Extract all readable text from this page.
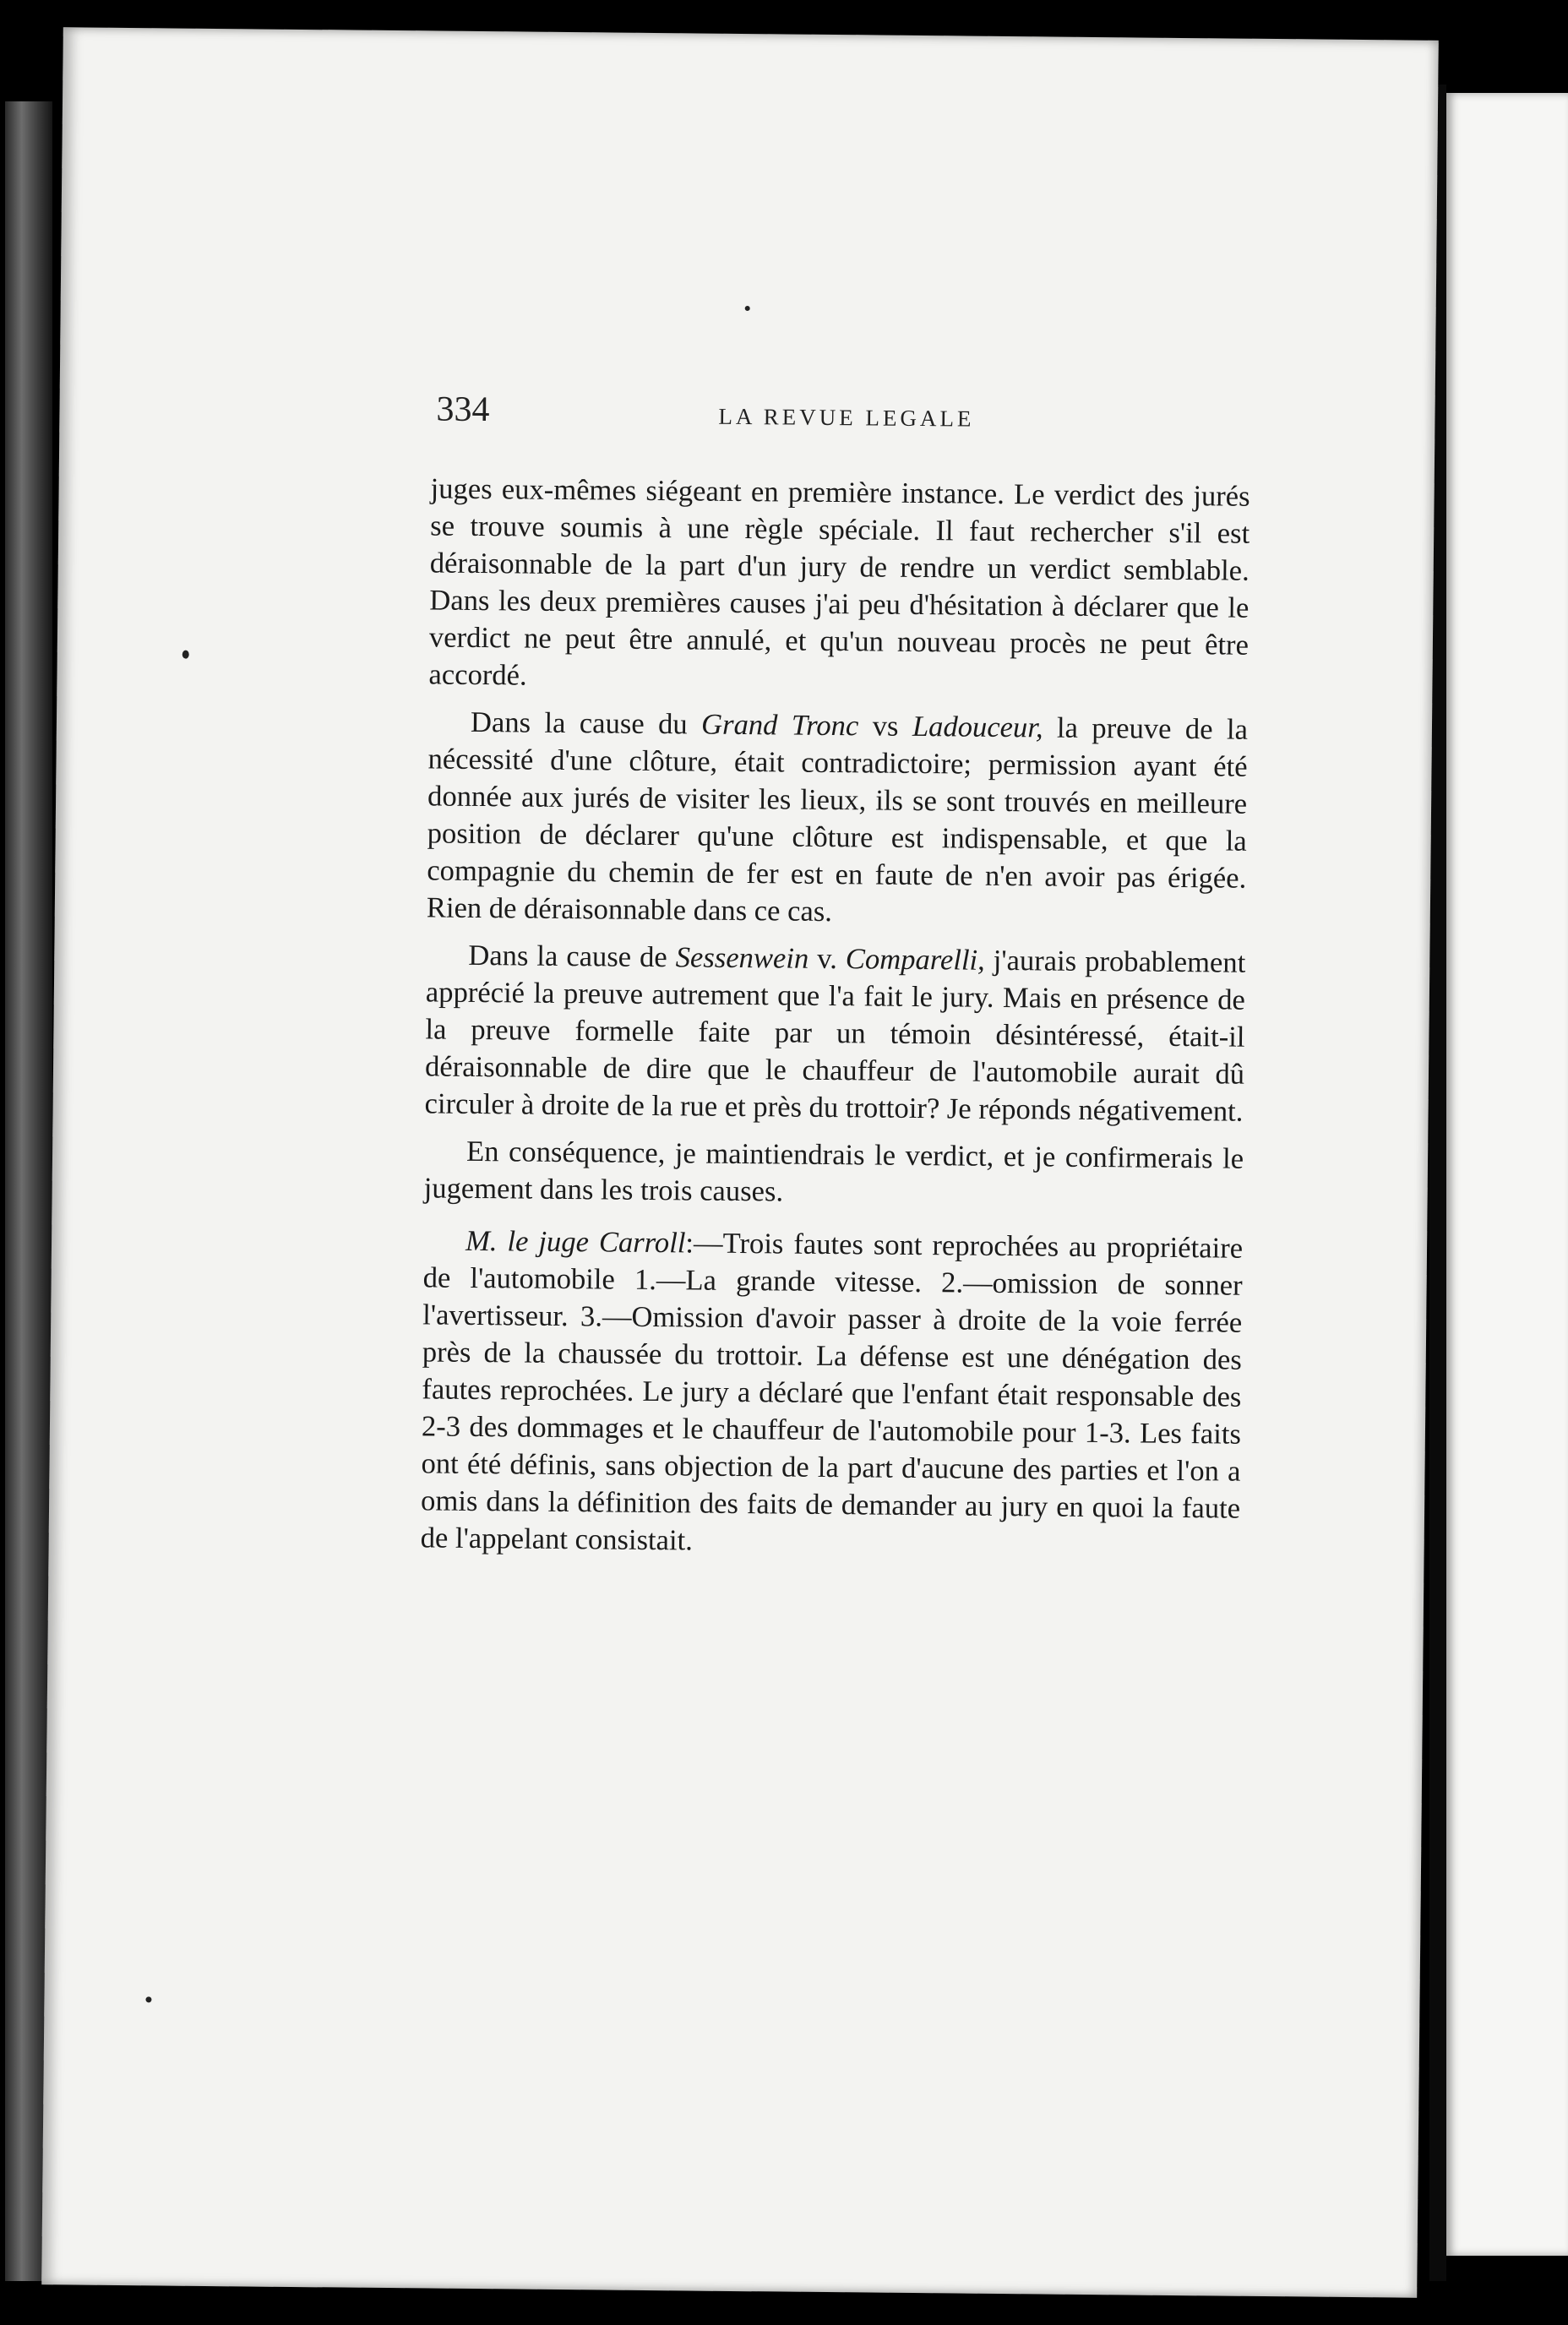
334	LA REVUE LEGALE

juges eux-mêmes siégeant en première instance. Le verdict des jurés se trouve soumis à une règle spéciale. Il faut rechercher s'il est déraisonnable de la part d'un jury de rendre un verdict semblable. Dans les deux premières causes j'ai peu d'hésitation à déclarer que le verdict ne peut être annulé, et qu'un nouveau procès ne peut être accordé.

Dans la cause du Grand Tronc vs Ladouceur, la preuve de la nécessité d'une clôture, était contradictoire; permission ayant été donnée aux jurés de visiter les lieux, ils se sont trouvés en meilleure position de déclarer qu'une clôture est indispensable, et que la compagnie du chemin de fer est en faute de n'en avoir pas érigée. Rien de déraisonnable dans ce cas.

Dans la cause de Sessenwein v. Comparelli, j'aurais probablement apprécié la preuve autrement que l'a fait le jury. Mais en présence de la preuve formelle faite par un témoin désintéressé, était-il déraisonnable de dire que le chauffeur de l'automobile aurait dû circuler à droite de la rue et près du trottoir? Je réponds négativement.

En conséquence, je maintiendrais le verdict, et je confirmerais le jugement dans les trois causes.

M. le juge Carroll:—Trois fautes sont reprochées au propriétaire de l'automobile 1.—La grande vitesse. 2.—omission de sonner l'avertisseur. 3.—Omission d'avoir passer à droite de la voie ferrée près de la chaussée du trottoir. La défense est une dénégation des fautes reprochées. Le jury a déclaré que l'enfant était responsable des 2-3 des dommages et le chauffeur de l'automobile pour 1-3. Les faits ont été définis, sans objection de la part d'aucune des parties et l'on a omis dans la définition des faits de demander au jury en quoi la faute de l'appelant consistait.
